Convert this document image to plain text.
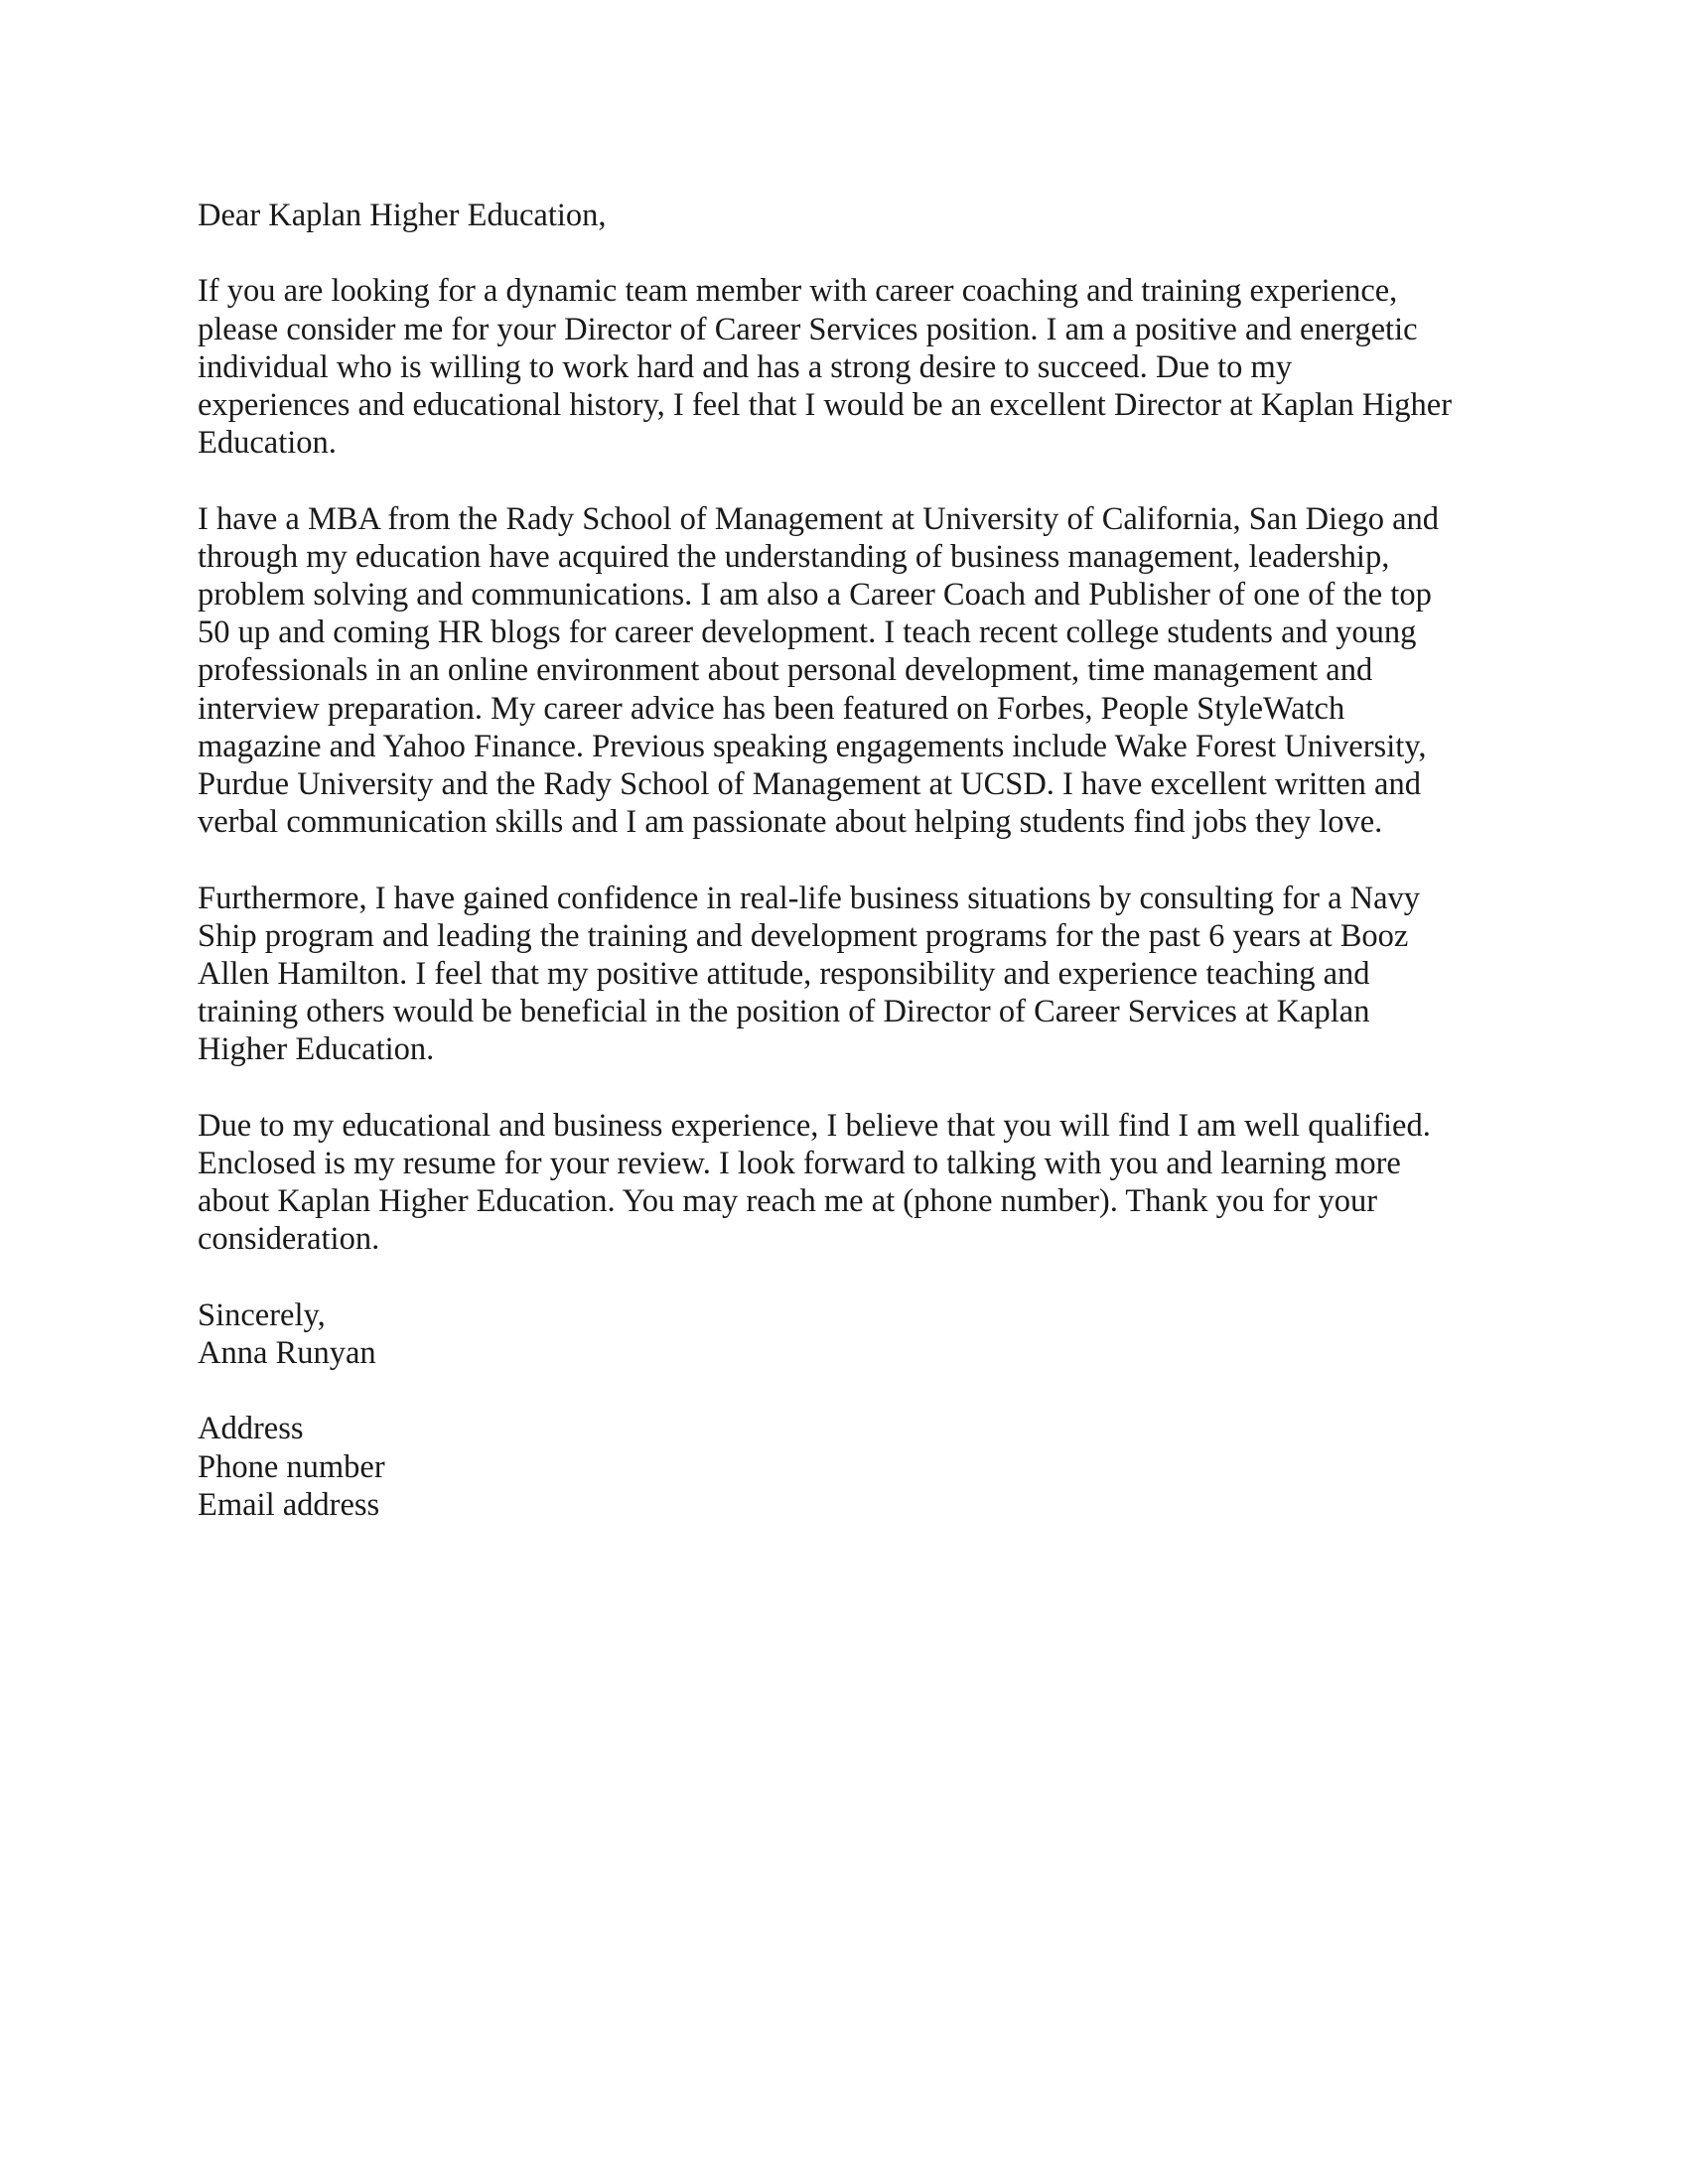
Dear Kaplan Higher Education,

If you are looking for a dynamic team member with career coaching and training experience,
please consider me for your Director of Career Services position. I am a positive and energetic
individual who is willing to work hard and has a strong desire to succeed. Due to my
experiences and educational history, I feel that I would be an excellent Director at Kaplan Higher
Education.

I have a MBA from the Rady School of Management at University of California, San Diego and
through my education have acquired the understanding of business management, leadership,
problem solving and communications. I am also a Career Coach and Publisher of one of the top
50 up and coming HR blogs for career development. I teach recent college students and young
professionals in an online environment about personal development, time management and
interview preparation. My career advice has been featured on Forbes, People StyleWatch
magazine and Yahoo Finance. Previous speaking engagements include Wake Forest University,
Purdue University and the Rady School of Management at UCSD. I have excellent written and
verbal communication skills and I am passionate about helping students find jobs they love.

Furthermore, I have gained confidence in real-life business situations by consulting for a Navy
Ship program and leading the training and development programs for the past 6 years at Booz
Allen Hamilton. I feel that my positive attitude, responsibility and experience teaching and
training others would be beneficial in the position of Director of Career Services at Kaplan
Higher Education.

Due to my educational and business experience, I believe that you will find I am well qualified.
Enclosed is my resume for your review. I look forward to talking with you and learning more
about Kaplan Higher Education. You may reach me at (phone number). Thank you for your
consideration.

Sincerely,
Anna Runyan
Address
Phone number
Email address
